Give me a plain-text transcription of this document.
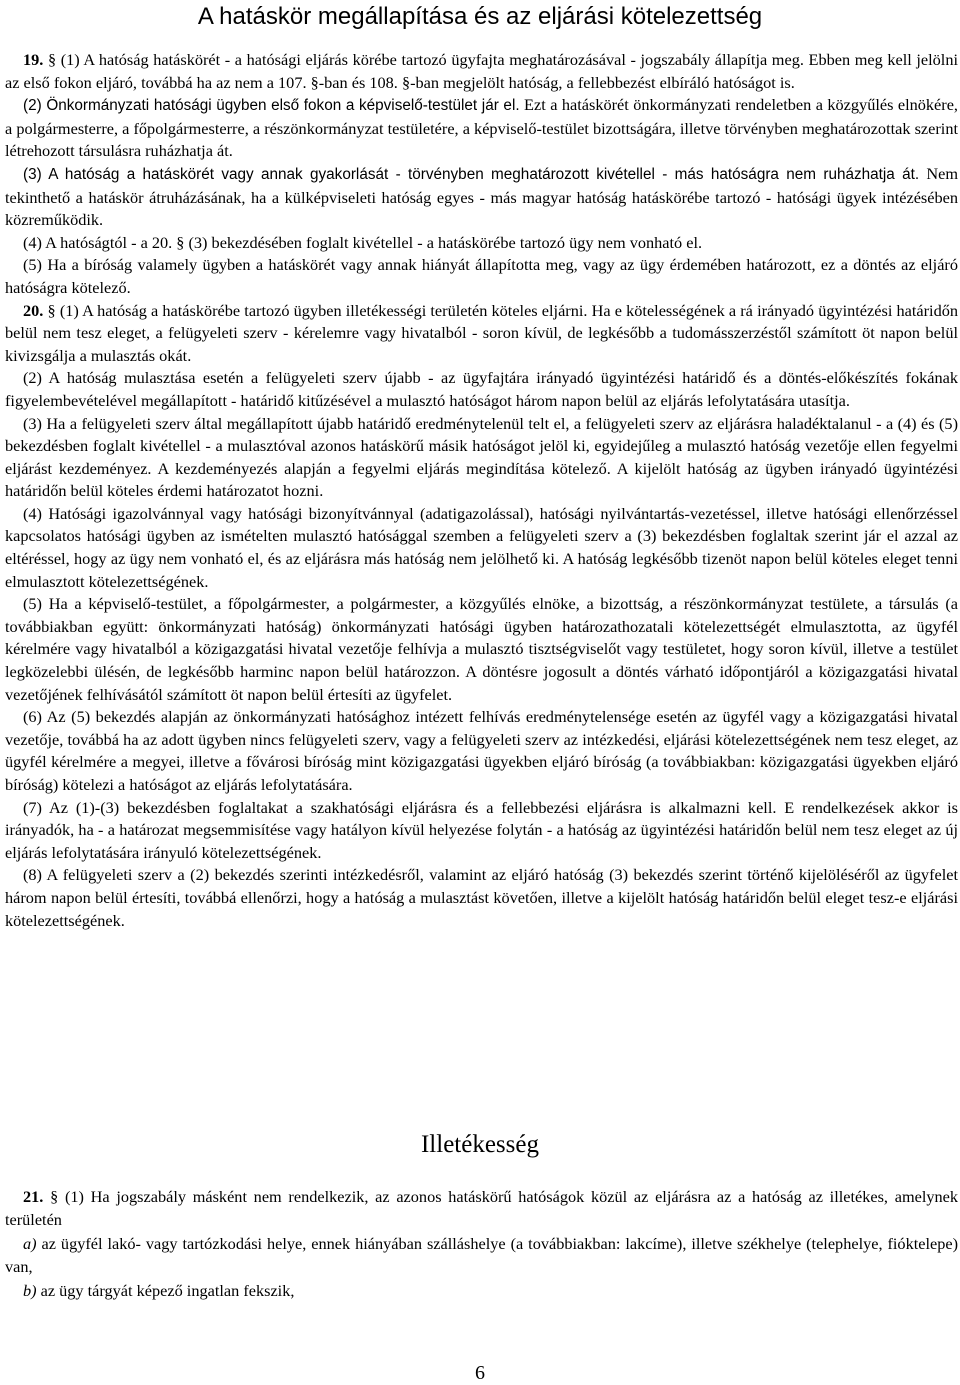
A hatáskör megállapítása és az eljárási kötelezettség

19. § (1) A hatóság hatáskörét - a hatósági eljárás körébe tartozó ügyfajta meghatározásával - jogszabály állapítja meg. Ebben meg kell jelölni az első fokon eljáró, továbbá ha az nem a 107. §-ban és 108. §-ban megjelölt hatóság, a fellebbezést elbíráló hatóságot is.

(2) Önkormányzati hatósági ügyben első fokon a képviselő-testület jár el. Ezt a hatáskörét önkormányzati rendeletben a közgyűlés elnökére, a polgármesterre, a főpolgármesterre, a részönkormányzat testületére, a képviselő-testület bizottságára, illetve törvényben meghatározottak szerint létrehozott társulásra ruházhatja át.

(3) A hatóság a hatáskörét vagy annak gyakorlását - törvényben meghatározott kivétellel - más hatóságra nem ruházhatja át. Nem tekinthető a hatáskör átruházásának, ha a külképviseleti hatóság egyes - más magyar hatóság hatáskörébe tartozó - hatósági ügyek intézésében közreműködik.

(4) A hatóságtól - a 20. § (3) bekezdésében foglalt kivétellel - a hatáskörébe tartozó ügy nem vonható el.

(5) Ha a bíróság valamely ügyben a hatáskörét vagy annak hiányát állapította meg, vagy az ügy érdemében határozott, ez a döntés az eljáró hatóságra kötelező.

20. § (1) A hatóság a hatáskörébe tartozó ügyben illetékességi területén köteles eljárni. Ha e kötelességének a rá irányadó ügyintézési határidőn belül nem tesz eleget, a felügyeleti szerv - kérelemre vagy hivatalból - soron kívül, de legkésőbb a tudomásszerzéstől számított öt napon belül kivizsgálja a mulasztás okát.

(2) A hatóság mulasztása esetén a felügyeleti szerv újabb - az ügyfajtára irányadó ügyintézési határidő és a döntés-előkészítés fokának figyelembevételével megállapított - határidő kitűzésével a mulasztó hatóságot három napon belül az eljárás lefolytatására utasítja.

(3) Ha a felügyeleti szerv által megállapított újabb határidő eredménytelenül telt el, a felügyeleti szerv az eljárásra haladéktalanul - a (4) és (5) bekezdésben foglalt kivétellel - a mulasztóval azonos hatáskörű másik hatóságot jelöl ki, egyidejűleg a mulasztó hatóság vezetője ellen fegyelmi eljárást kezdeményez. A kezdeményezés alapján a fegyelmi eljárás megindítása kötelező. A kijelölt hatóság az ügyben irányadó ügyintézési határidőn belül köteles érdemi határozatot hozni.

(4) Hatósági igazolvánnyal vagy hatósági bizonyítvánnyal (adatigazolással), hatósági nyilvántartás-vezetéssel, illetve hatósági ellenőrzéssel kapcsolatos hatósági ügyben az ismételten mulasztó hatósággal szemben a felügyeleti szerv a (3) bekezdésben foglaltak szerint jár el azzal az eltéréssel, hogy az ügy nem vonható el, és az eljárásra más hatóság nem jelölhető ki. A hatóság legkésőbb tizenöt napon belül köteles eleget tenni elmulasztott kötelezettségének.

(5) Ha a képviselő-testület, a főpolgármester, a polgármester, a közgyűlés elnöke, a bizottság, a részönkormányzat testülete, a társulás (a továbbiakban együtt: önkormányzati hatóság) önkormányzati hatósági ügyben határozathozatali kötelezettségét elmulasztotta, az ügyfél kérelmére vagy hivatalból a közigazgatási hivatal vezetője felhívja a mulasztó tisztségviselőt vagy testületet, hogy soron kívül, illetve a testület legközelebbi ülésén, de legkésőbb harminc napon belül határozzon. A döntésre jogosult a döntés várható időpontjáról a közigazgatási hivatal vezetőjének felhívásától számított öt napon belül értesíti az ügyfelet.

(6) Az (5) bekezdés alapján az önkormányzati hatósághoz intézett felhívás eredménytelensége esetén az ügyfél vagy a közigazgatási hivatal vezetője, továbbá ha az adott ügyben nincs felügyeleti szerv, vagy a felügyeleti szerv az intézkedési, eljárási kötelezettségének nem tesz eleget, az ügyfél kérelmére a megyei, illetve a fővárosi bíróság mint közigazgatási ügyekben eljáró bíróság (a továbbiakban: közigazgatási ügyekben eljáró bíróság) kötelezi a hatóságot az eljárás lefolytatására.

(7) Az (1)-(3) bekezdésben foglaltakat a szakhatósági eljárásra és a fellebbezési eljárásra is alkalmazni kell. E rendelkezések akkor is irányadók, ha - a határozat megsemmisítése vagy hatályon kívül helyezése folytán - a hatóság az ügyintézési határidőn belül nem tesz eleget az új eljárás lefolytatására irányuló kötelezettségének.

(8) A felügyeleti szerv a (2) bekezdés szerinti intézkedésről, valamint az eljáró hatóság (3) bekezdés szerint történő kijelöléséről az ügyfelet három napon belül értesíti, továbbá ellenőrzi, hogy a hatóság a mulasztást követően, illetve a kijelölt hatóság határidőn belül eleget tesz-e eljárási kötelezettségének.

Illetékesség

21. § (1) Ha jogszabály másként nem rendelkezik, az azonos hatáskörű hatóságok közül az eljárásra az a hatóság az illetékes, amelynek területén

a) az ügyfél lakó- vagy tartózkodási helye, ennek hiányában szálláshelye (a továbbiakban: lakcíme), illetve székhelye (telephelye, fióktelepe) van,

b) az ügy tárgyát képező ingatlan fekszik,

6
